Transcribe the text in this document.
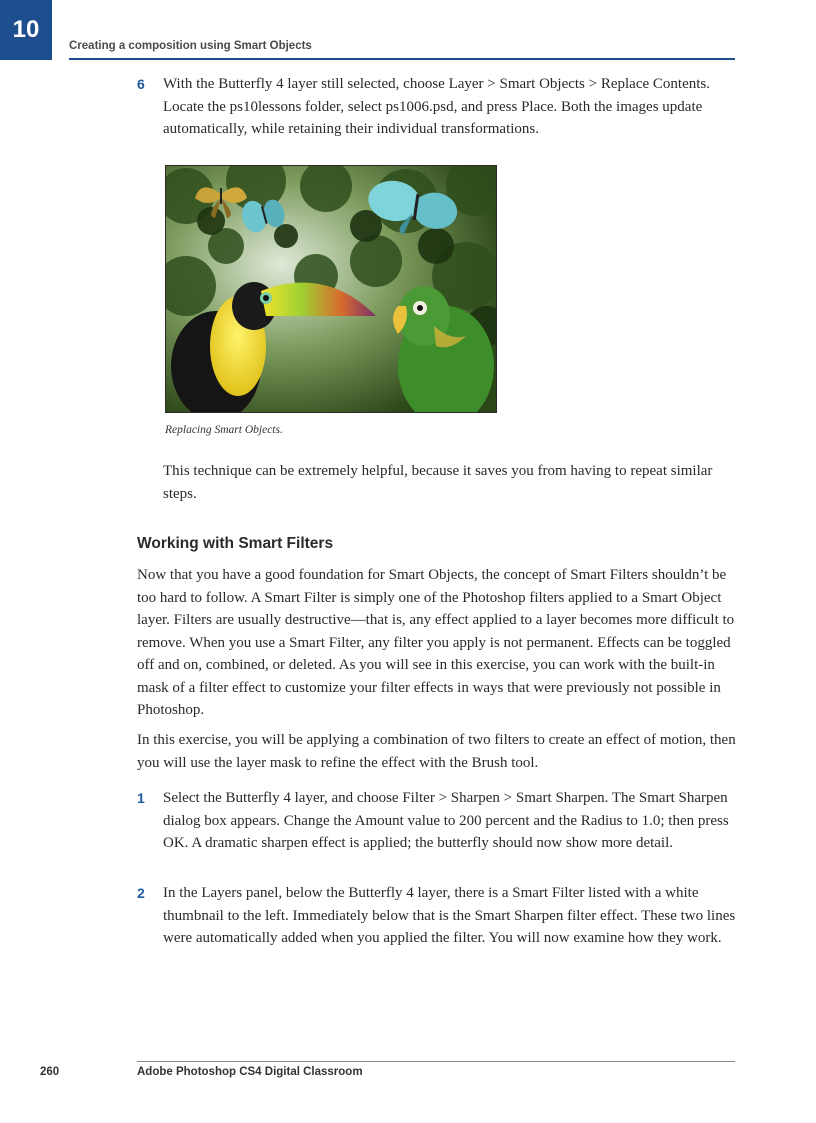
10
Creating a composition using Smart Objects
6 With the Butterfly 4 layer still selected, choose Layer > Smart Objects > Replace Contents. Locate the ps10lessons folder, select ps1006.psd, and press Place. Both the images update automatically, while retaining their individual transformations.
Replacing Smart Objects.
This technique can be extremely helpful, because it saves you from having to repeat similar steps.
Working with Smart Filters
Now that you have a good foundation for Smart Objects, the concept of Smart Filters shouldn’t be too hard to follow. A Smart Filter is simply one of the Photoshop filters applied to a Smart Object layer. Filters are usually destructive—that is, any effect applied to a layer becomes more difficult to remove. When you use a Smart Filter, any filter you apply is not permanent. Effects can be toggled off and on, combined, or deleted. As you will see in this exercise, you can work with the built-in mask of a filter effect to customize your filter effects in ways that were previously not possible in Photoshop.
In this exercise, you will be applying a combination of two filters to create an effect of motion, then you will use the layer mask to refine the effect with the Brush tool.
1 Select the Butterfly 4 layer, and choose Filter > Sharpen > Smart Sharpen. The Smart Sharpen dialog box appears. Change the Amount value to 200 percent and the Radius to 1.0; then press OK. A dramatic sharpen effect is applied; the butterfly should now show more detail.
2 In the Layers panel, below the Butterfly 4 layer, there is a Smart Filter listed with a white thumbnail to the left. Immediately below that is the Smart Sharpen filter effect. These two lines were automatically added when you applied the filter. You will now examine how they work.
260	Adobe Photoshop CS4 Digital Classroom
